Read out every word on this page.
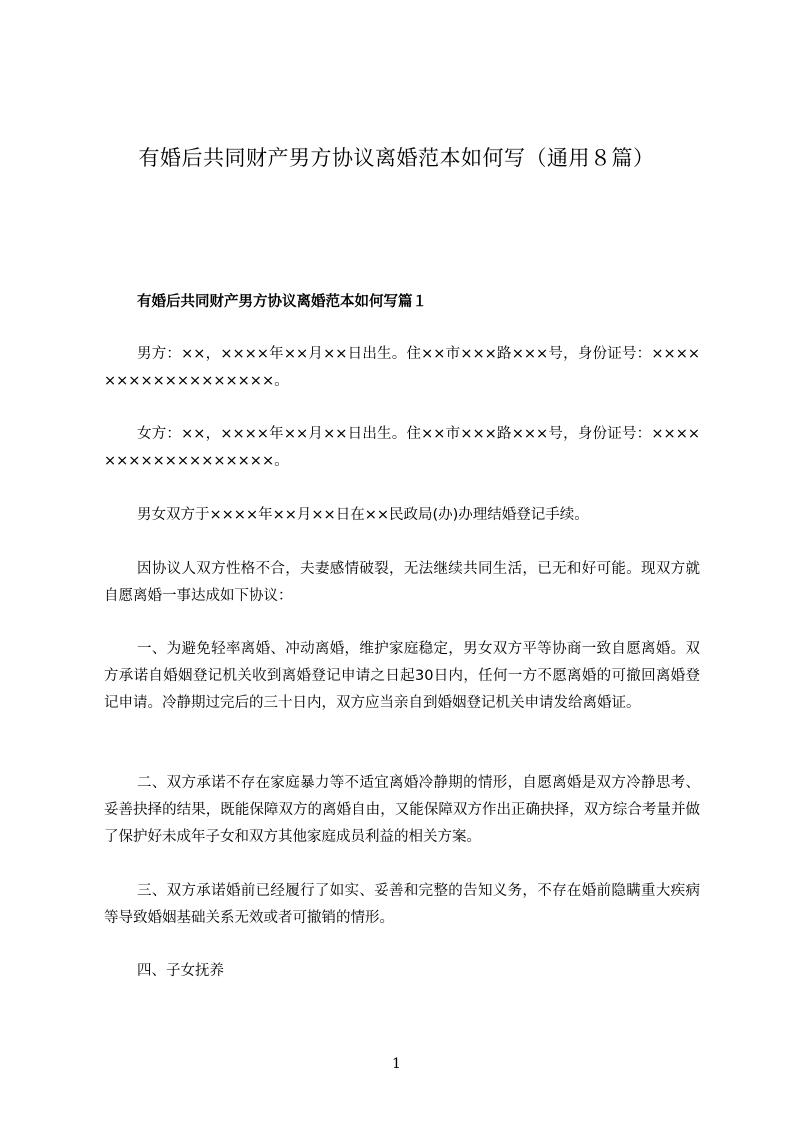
有婚后共同财产男方协议离婚范本如何写（通用８篇）
有婚后共同财产男方协议离婚范本如何写篇１

男方：××，××××年××月××日出生。住××市×××路×××号，身份证号：××××××××××××××××××。

女方：××，××××年××月××日出生。住××市×××路×××号，身份证号：××××××××××××××××××。

男女双方于××××年××月××日在××民政局(办)办理结婚登记手续。

因协议人双方性格不合，夫妻感情破裂，无法继续共同生活，已无和好可能。现双方就自愿离婚一事达成如下协议：

一、为避免轻率离婚、冲动离婚，维护家庭稳定，男女双方平等协商一致自愿离婚。双方承诺自婚姻登记机关收到离婚登记申请之日起30日内，任何一方不愿离婚的可撤回离婚登记申请。冷静期过完后的三十日内，双方应当亲自到婚姻登记机关申请发给离婚证。

二、双方承诺不存在家庭暴力等不适宜离婚冷静期的情形，自愿离婚是双方冷静思考、妥善抉择的结果，既能保障双方的离婚自由，又能保障双方作出正确抉择，双方综合考量并做了保护好未成年子女和双方其他家庭成员利益的相关方案。

三、双方承诺婚前已经履行了如实、妥善和完整的告知义务，不存在婚前隐瞒重大疾病等导致婚姻基础关系无效或者可撤销的情形。

四、子女抚养

1
